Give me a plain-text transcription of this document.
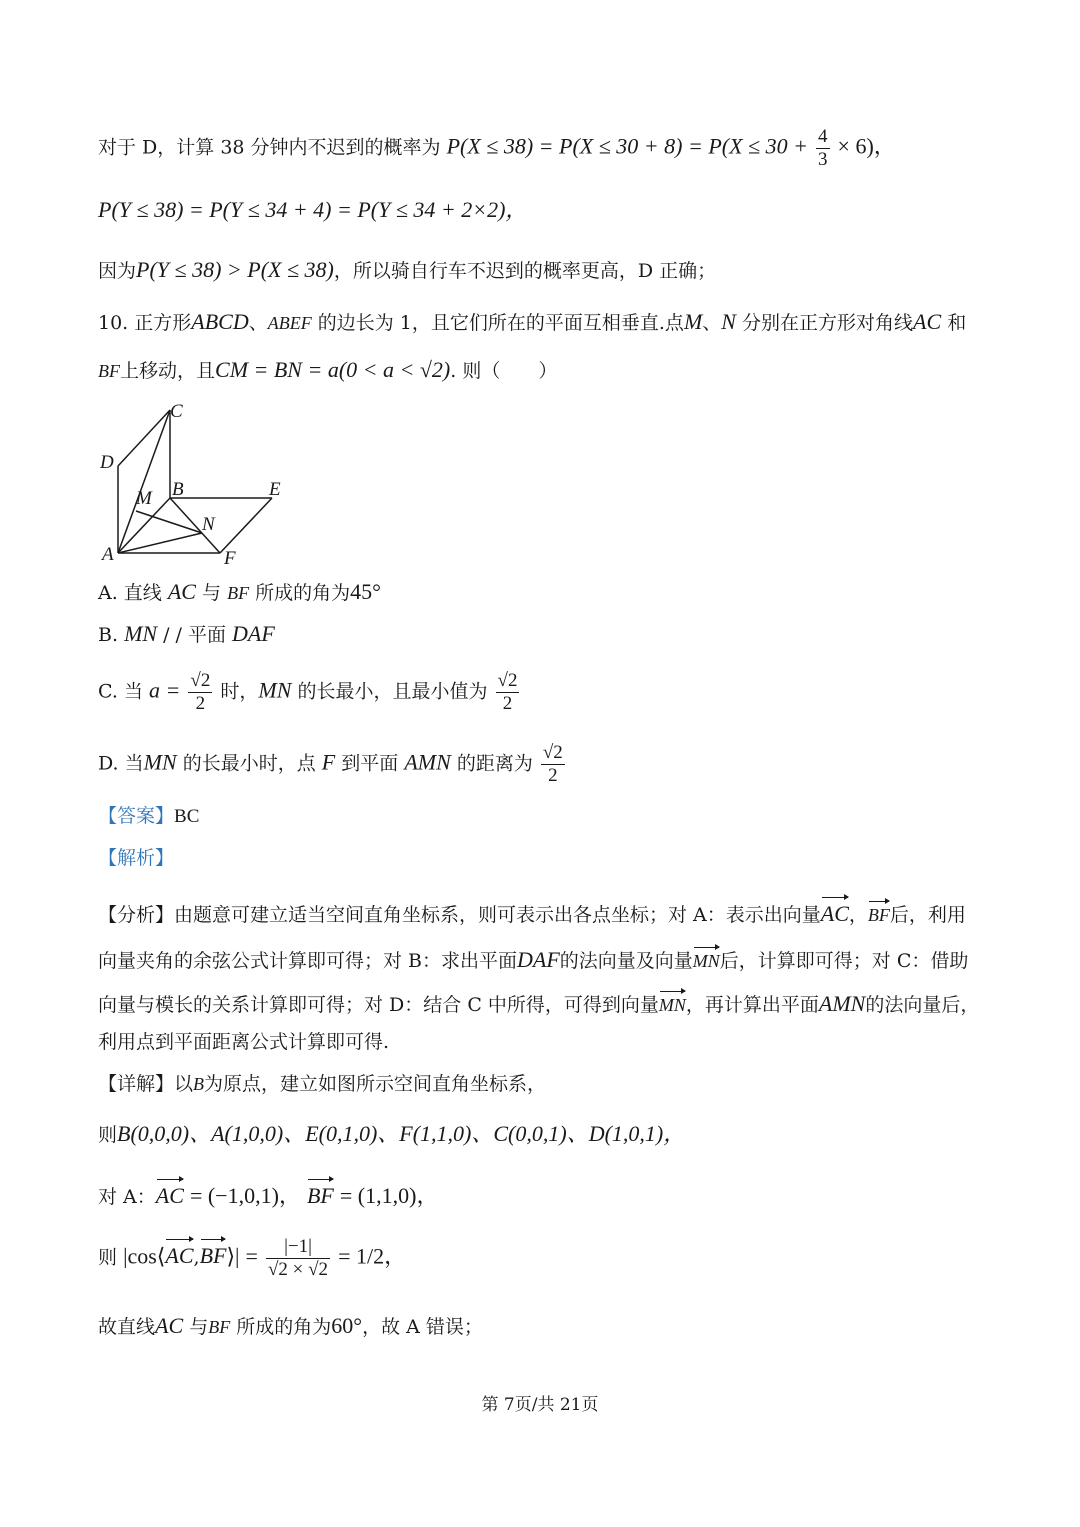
对于 D，计算 38 分钟内不迟到的概率为 $P(X \le 38) = P(X \le 30 + 8) = P(X \le 30 + \frac{4}{3} \times 6)$，
P(Y ≤ 38) = P(Y ≤ 34 + 4) = P(Y ≤ 34 + 2×2)，
因为P(Y ≤ 38) > P(X ≤ 38)，所以骑自行车不迟到的概率更高，D 正确；
10. 正方形ABCD、ABEF 的边长为 1，且它们所在的平面互相垂直.点M、N 分别在正方形对角线AC 和
BF上移动，且CM = BN = a(0 < a < √2). 则（　　）
C
D
M B	E
N
A	F
A. 直线 AC 与 BF 所成的角为45°
B. MN / / 平面 DAF
C. 当 $a = \frac{√2}{2}$ 时，MN 的长最小，且最小值为 $\frac{√2}{2}$
D. 当MN 的长最小时，点 F 到平面 AMN 的距离为 $\frac{√2}{2}$
【答案】BC
【解析】
【分析】由题意可建立适当空间直角坐标系，则可表示出各点坐标；对 A：表示出向量AC，BF后，利用
向量夹角的余弦公式计算即可得；对 B：求出平面DAF的法向量及向量MN后，计算即可得；对 C：借助
向量与模长的关系计算即可得；对 D：结合 C 中所得，可得到向量MN，再计算出平面AMN的法向量后，
利用点到平面距离公式计算即可得.
【详解】以B为原点，建立如图所示空间直角坐标系，
则B(0,0,0)、A(1,0,0)、E(0,1,0)、F(1,1,0)、C(0,0,1)、D(1,0,1)，
对 A：AC = (−1,0,1)， BF = (1,1,0)，
则 |cos⟨AC,BF⟩| = $\frac{|-1|}{√2 \times √2} = 1/2$，
故直线AC 与BF 所成的角为60°，故 A 错误；
第 7页/共 21页
